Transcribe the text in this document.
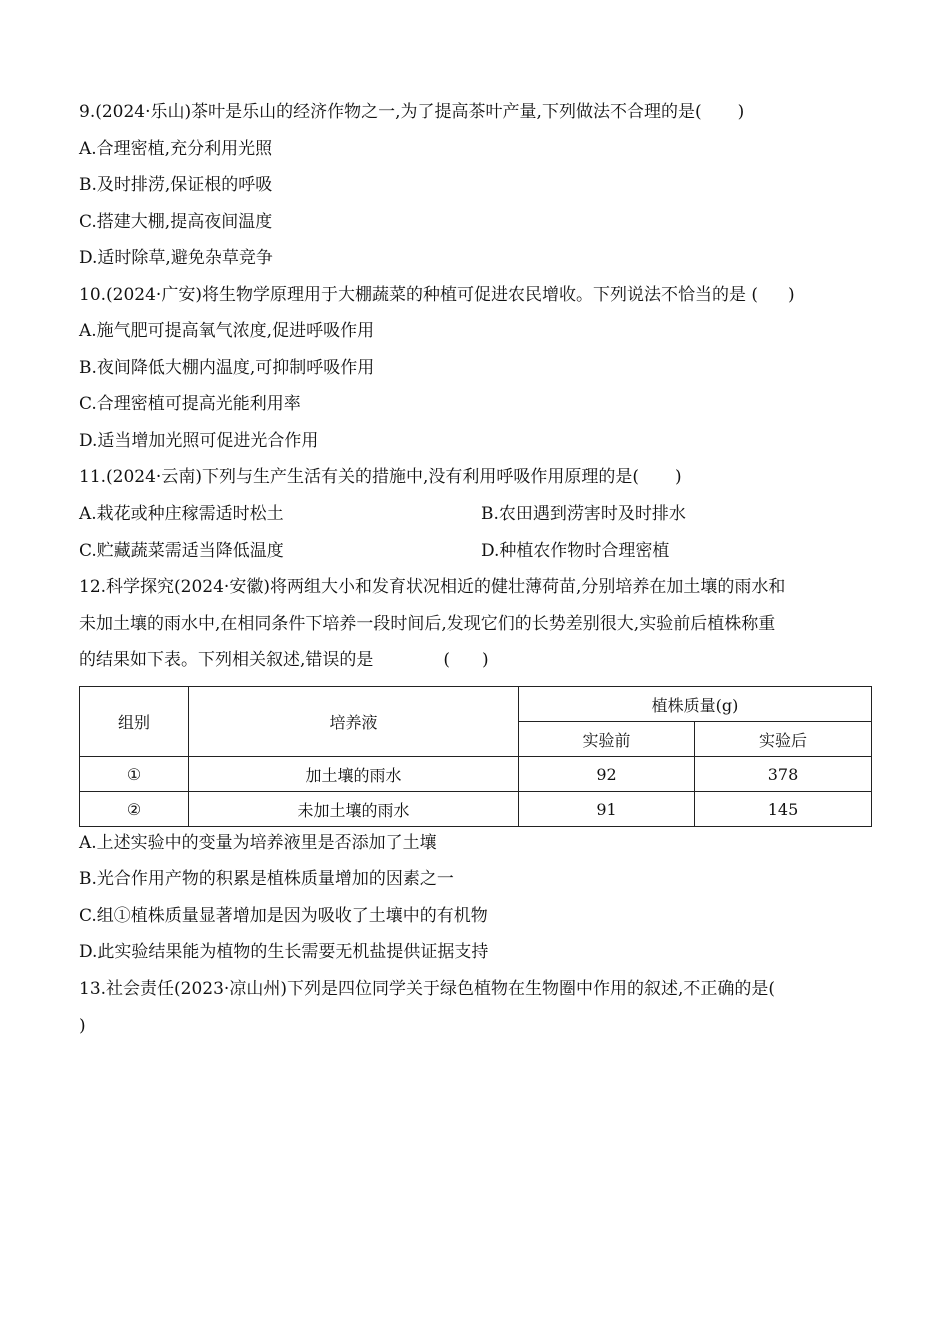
9.(2024·乐山)茶叶是乐山的经济作物之一,为了提高茶叶产量,下列做法不合理的是( )
A.合理密植,充分利用光照
B.及时排涝,保证根的呼吸
C.搭建大棚,提高夜间温度
D.适时除草,避免杂草竞争
10.(2024·广安)将生物学原理用于大棚蔬菜的种植可促进农民增收。下列说法不恰当的是 ( )
A.施气肥可提高氧气浓度,促进呼吸作用
B.夜间降低大棚内温度,可抑制呼吸作用
C.合理密植可提高光能利用率
D.适当增加光照可促进光合作用
11.(2024·云南)下列与生产生活有关的措施中,没有利用呼吸作用原理的是( )
A.栽花或种庄稼需适时松土	B.农田遇到涝害时及时排水
C.贮藏蔬菜需适当降低温度	D.种植农作物时合理密植
12.科学探究(2024·安徽)将两组大小和发育状况相近的健壮薄荷苗,分别培养在加土壤的雨水和
未加土壤的雨水中,在相同条件下培养一段时间后,发现它们的长势差别很大,实验前后植株称重
的结果如下表。下列相关叙述,错误的是	( )
组别	培养液	植株质量(g)	
		实验前	实验后
①	加土壤的雨水	92	378
②	未加土壤的雨水	91	145
A.上述实验中的变量为培养液里是否添加了土壤
B.光合作用产物的积累是植株质量增加的因素之一
C.组①植株质量显著增加是因为吸收了土壤中的有机物
D.此实验结果能为植物的生长需要无机盐提供证据支持
13.社会责任(2023·凉山州)下列是四位同学关于绿色植物在生物圈中作用的叙述,不正确的是(
)
